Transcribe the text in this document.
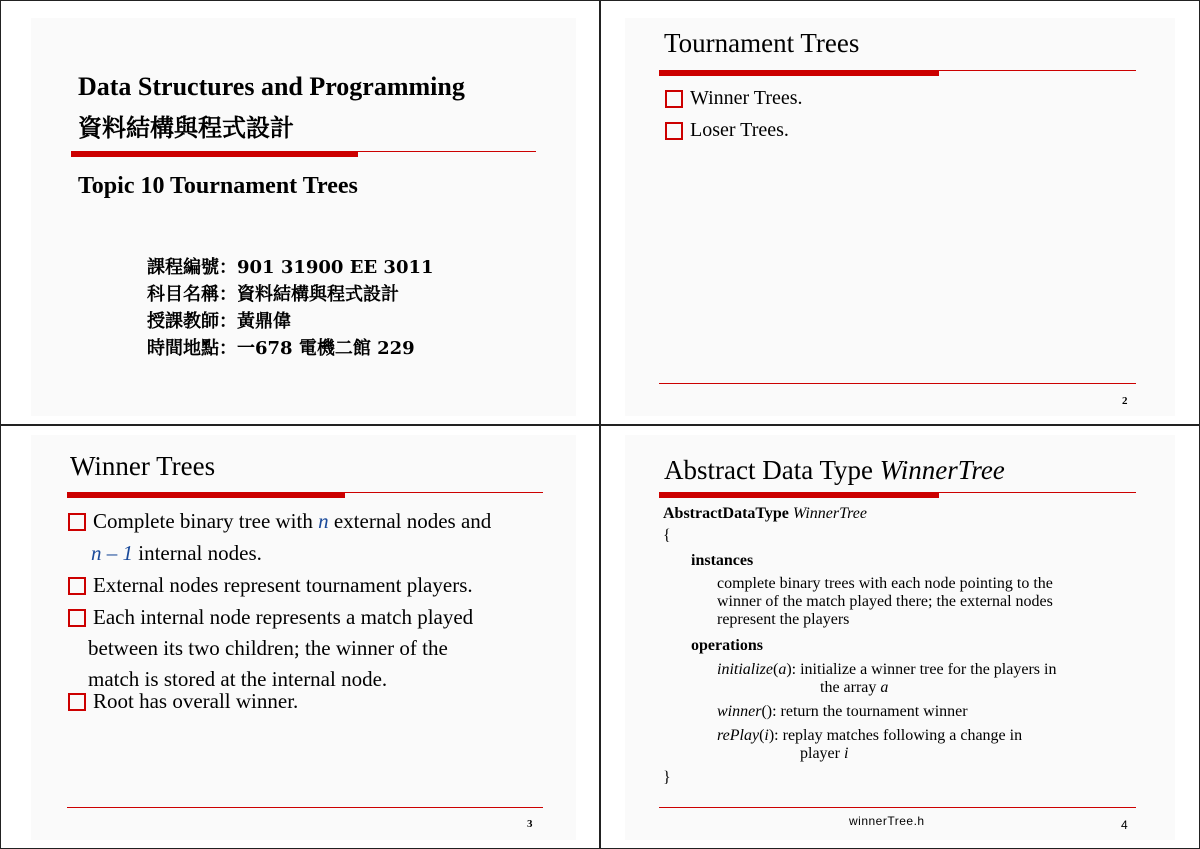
Data Structures and Programming
資料結構與程式設計
Topic 10 Tournament Trees
課程編號：901 31900 EE 3011
科目名稱：資料結構與程式設計
授課教師：黃鼎偉
時間地點：一678 電機二館 229
Tournament Trees
Winner Trees.
Loser Trees.
2
Winner Trees
Complete binary tree with n external nodes and
n – 1 internal nodes.
External nodes represent tournament players.
Each internal node represents a match played
between its two children; the winner of the
match is stored at the internal node.
Root has overall winner.
3
Abstract Data Type WinnerTree
AbstractDataType WinnerTree
{
instances
complete binary trees with each node pointing to the
winner of the match played there; the external nodes
represent the players
operations
initialize(a): initialize a winner tree for the players in
the array a
winner(): return the tournament winner
rePlay(i): replay matches following a change in
player i
}
winnerTree.h	4
